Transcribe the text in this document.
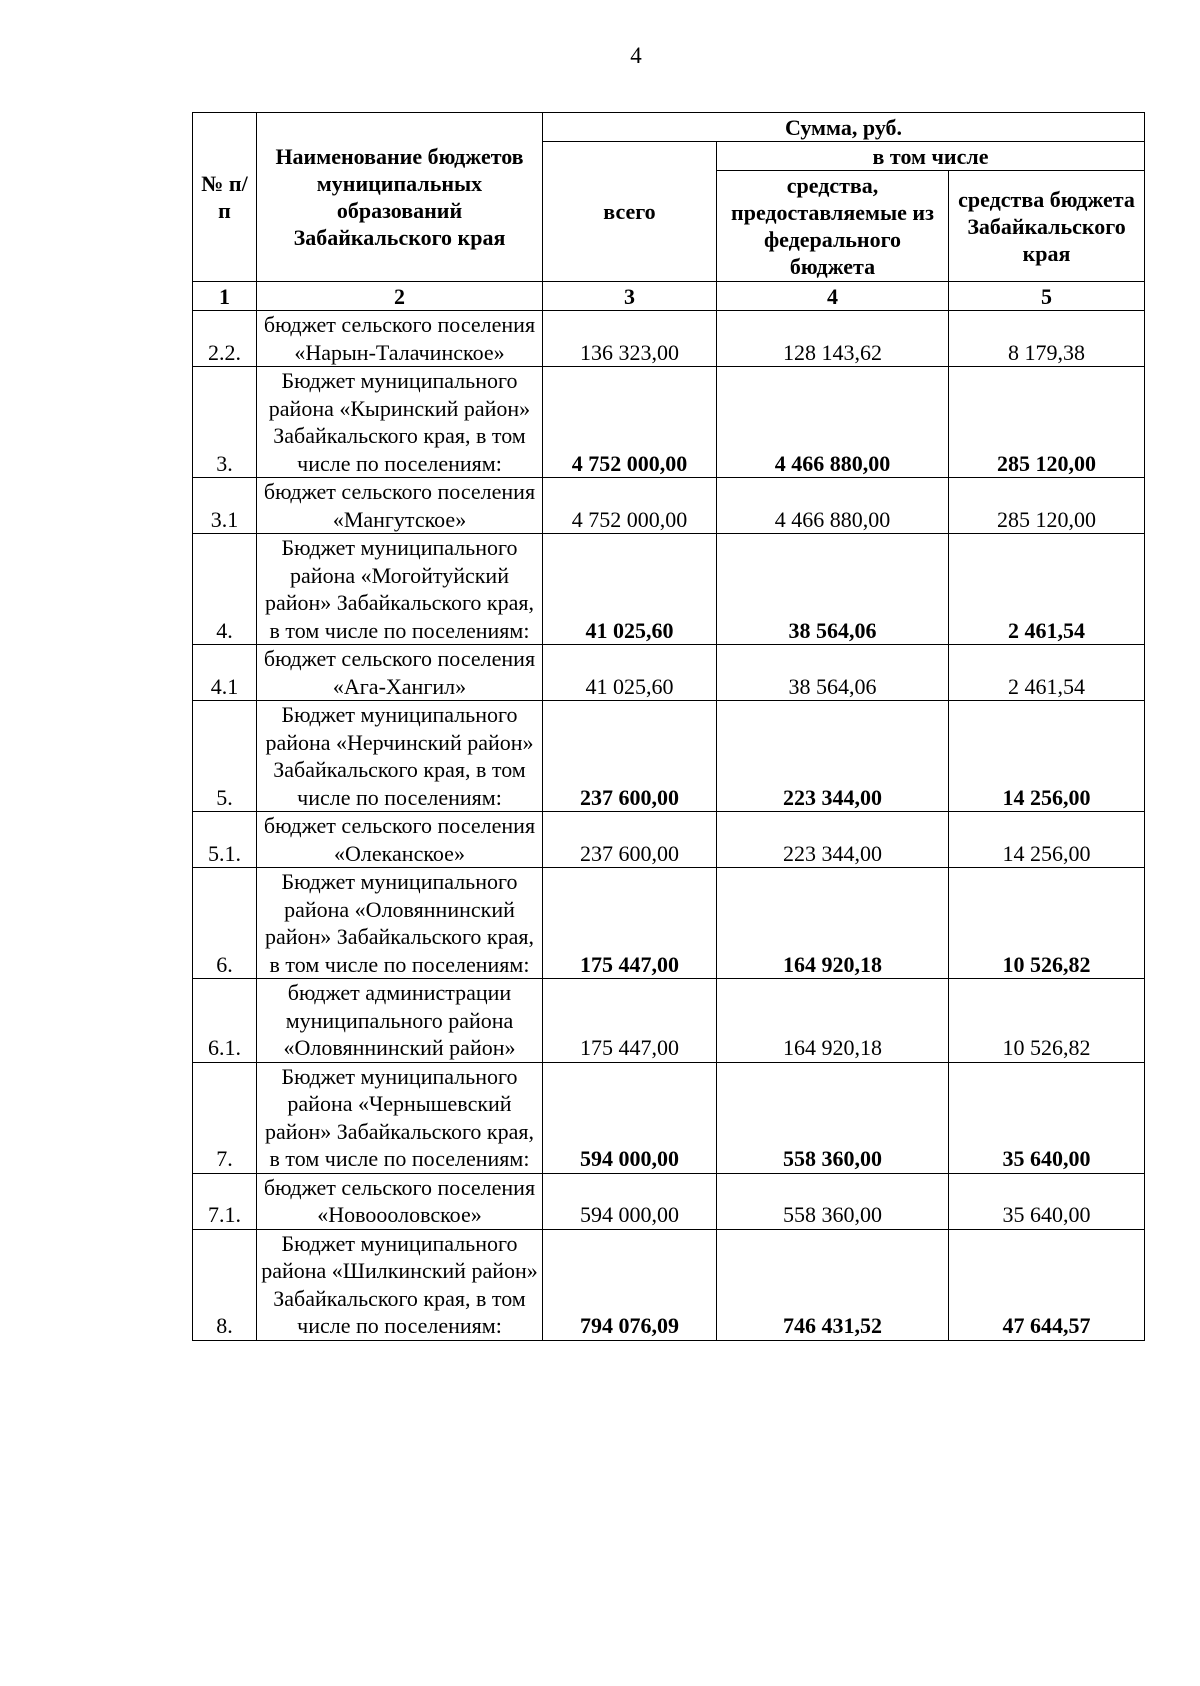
4
№ п/п	Наименование бюджетов муниципальных образований Забайкальского края	Сумма, руб.		
		всего	в том числе	
			средства, предоставляемые из федерального бюджета	средства бюджета Забайкальского края
1	2	3	4	5
2.2.	бюджет сельского поселения «Нарын-Талачинское»	136 323,00	128 143,62	8 179,38
3.	Бюджет муниципального района «Кыринский район» Забайкальского края, в том числе по поселениям:	4 752 000,00	4 466 880,00	285 120,00
3.1	бюджет сельского поселения «Мангутское»	4 752 000,00	4 466 880,00	285 120,00
4.	Бюджет муниципального района «Могойтуйский район» Забайкальского края, в том числе по поселениям:	41 025,60	38 564,06	2 461,54
4.1	бюджет сельского поселения «Ага-Хангил»	41 025,60	38 564,06	2 461,54
5.	Бюджет муниципального района «Нерчинский район» Забайкальского края, в том числе по поселениям:	237 600,00	223 344,00	14 256,00
5.1.	бюджет сельского поселения «Олеканское»	237 600,00	223 344,00	14 256,00
6.	Бюджет муниципального района «Оловяннинский район» Забайкальского края, в том числе по поселениям:	175 447,00	164 920,18	10 526,82
6.1.	бюджет администрации муниципального района «Оловяннинский район»	175 447,00	164 920,18	10 526,82
7.	Бюджет муниципального района «Чернышевский район» Забайкальского края, в том числе по поселениям:	594 000,00	558 360,00	35 640,00
7.1.	бюджет сельского поселения «Новоооловское»	594 000,00	558 360,00	35 640,00
8.	Бюджет муниципального района «Шилкинский район» Забайкальского края, в том числе по поселениям:	794 076,09	746 431,52	47 644,57
